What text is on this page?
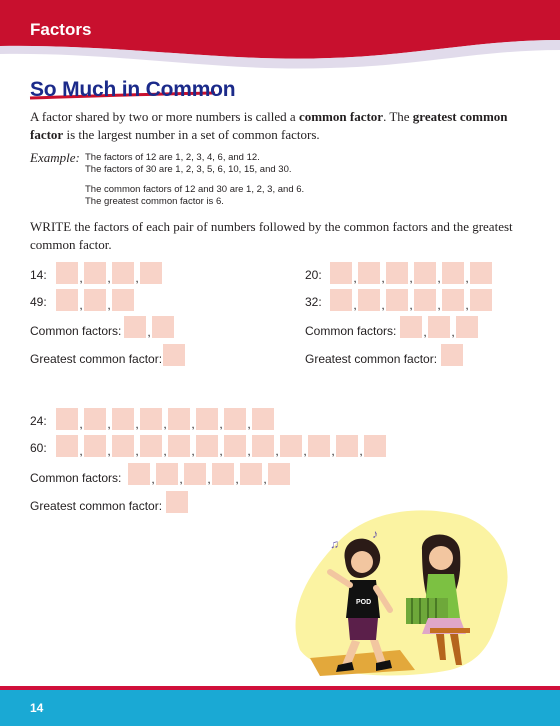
Factors
So Much in Common

A factor shared by two or more numbers is called a common factor. The greatest common factor is the largest number in a set of common factors.

Example: The factors of 12 are 1, 2, 3, 4, 6, and 12.
The factors of 30 are 1, 2, 3, 5, 6, 10, 15, and 30.
The common factors of 12 and 30 are 1, 2, 3, and 6.
The greatest common factor is 6.

WRITE the factors of each pair of numbers followed by the common factors and the greatest common factor.

14:	, , ,
49:	, ,
Common factors: ,
Greatest common factor:
20:	, , , , ,
32:	, , , , ,
Common factors: , ,
Greatest common factor:
24:	, , , , , , ,
60:	, , , , , , , , , , ,
Common factors: , , , , ,
Greatest common factor:
POD
♪
♫
14
